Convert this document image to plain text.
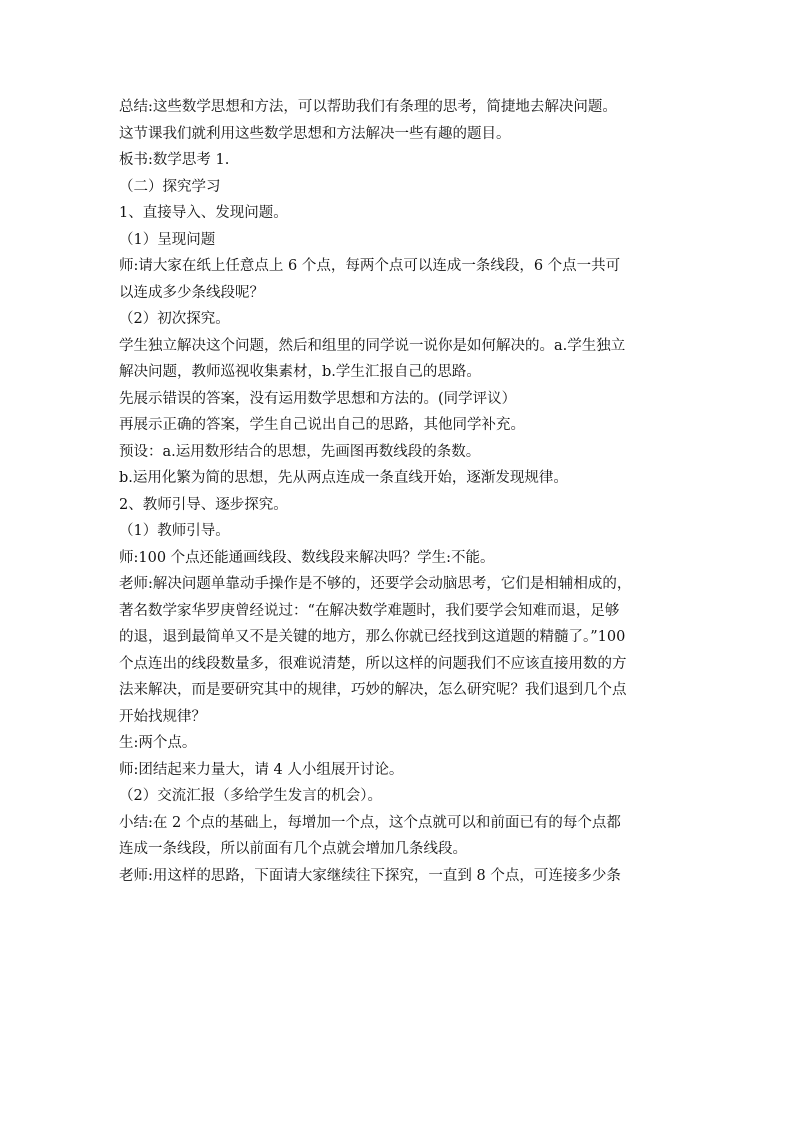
总结:这些数学思想和方法，可以帮助我们有条理的思考，简捷地去解决问题。
这节课我们就利用这些数学思想和方法解决一些有趣的题目。
板书:数学思考 1.
（二）探究学习
1、直接导入、发现问题。
（1）呈现问题
师:请大家在纸上任意点上 6 个点，每两个点可以连成一条线段，6 个点一共可
以连成多少条线段呢？
（2）初次探究。
学生独立解决这个问题，然后和组里的同学说一说你是如何解决的。a.学生独立
解决问题，教师巡视收集素材，b.学生汇报自己的思路。
先展示错误的答案，没有运用数学思想和方法的。(同学评议）
再展示正确的答案，学生自己说出自己的思路，其他同学补充。
预设：a.运用数形结合的思想，先画图再数线段的条数。
b.运用化繁为简的思想，先从两点连成一条直线开始，逐渐发现规律。
2、教师引导、逐步探究。
（1）教师引导。
师:100 个点还能通画线段、数线段来解决吗？学生:不能。
老师:解决问题单靠动手操作是不够的，还要学会动脑思考，它们是相辅相成的，
著名数学家华罗庚曾经说过：“在解决数学难题时，我们要学会知难而退，足够
的退，退到最简单又不是关键的地方，那么你就已经找到这道题的精髓了。”100
个点连出的线段数量多，很难说清楚，所以这样的问题我们不应该直接用数的方
法来解决，而是要研究其中的规律，巧妙的解决，怎么研究呢？我们退到几个点
开始找规律？
生:两个点。
师:团结起来力量大，请 4 人小组展开讨论。
（2）交流汇报（多给学生发言的机会）。
小结:在 2 个点的基础上，每增加一个点，这个点就可以和前面已有的每个点都
连成一条线段，所以前面有几个点就会增加几条线段。
老师:用这样的思路，下面请大家继续往下探究，一直到 8 个点，可连接多少条
